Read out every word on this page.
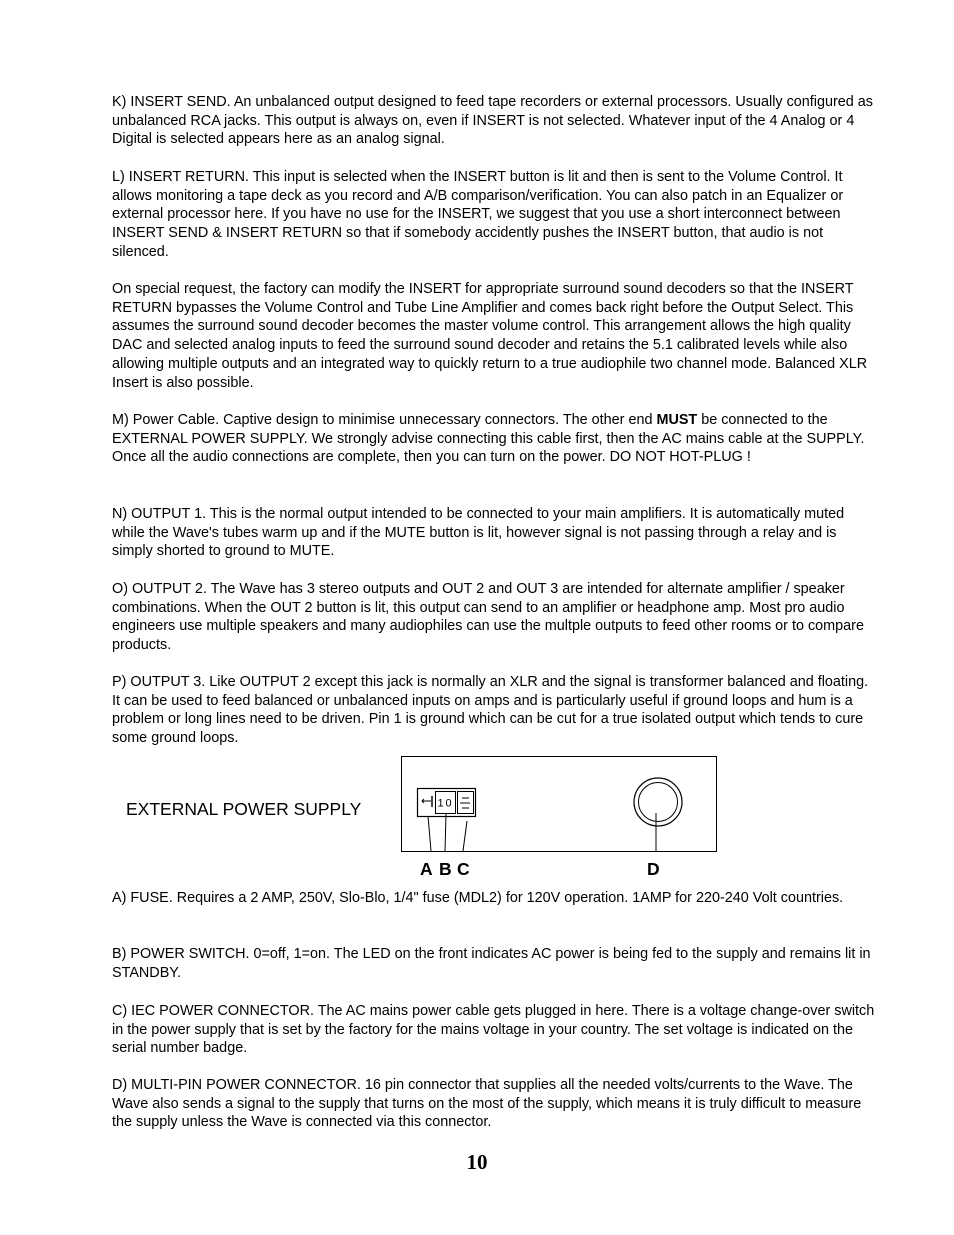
K) INSERT SEND. An unbalanced output designed to feed tape recorders or external processors. Usually configured as unbalanced RCA jacks. This output is always on, even if INSERT is not selected. Whatever input of the 4 Analog or 4 Digital is selected appears here as an analog signal.

L) INSERT RETURN. This input is selected when the INSERT button is lit and then is sent to the Volume Control. It allows monitoring a tape deck as you record and A/B comparison/verification. You can also patch in an Equalizer or external processor here. If you have no use for the INSERT, we suggest that you use a short interconnect between INSERT SEND & INSERT RETURN so that if somebody accidently pushes the INSERT button, that audio is not silenced.

On special request, the factory can modify the INSERT for appropriate surround sound decoders so that the INSERT RETURN bypasses the Volume Control and Tube Line Amplifier and comes back right before the Output Select. This assumes the surround sound decoder becomes the master volume control. This arrangement allows the high quality DAC and selected analog inputs to feed the surround sound decoder and retains the 5.1 calibrated levels while also allowing multiple outputs and an integrated way to quickly return to a true audiophile two channel mode. Balanced XLR Insert is also possible.

M) Power Cable. Captive design to minimise unnecessary connectors. The other end MUST be connected to the EXTERNAL POWER SUPPLY. We strongly advise connecting this cable first, then the AC mains cable at the SUPPLY. Once all the audio connections are complete, then you can turn on the power. DO NOT HOT-PLUG !

N) OUTPUT 1. This is the normal output intended to be connected to your main amplifiers. It is automatically muted while the Wave's tubes warm up and if the MUTE button is lit, however signal is not passing through a relay and is simply shorted to ground to MUTE.

O) OUTPUT 2. The Wave has 3 stereo outputs and OUT 2 and OUT 3 are intended for alternate amplifier / speaker combinations. When the OUT 2 button is lit, this output can send to an amplifier or headphone amp. Most pro audio engineers use multiple speakers and many audiophiles can use the multple outputs to feed other rooms or to compare products.

P) OUTPUT 3. Like OUTPUT 2 except this jack is normally an XLR and the signal is transformer balanced and floating. It can be used to feed balanced or unbalanced inputs on amps and is particularly useful if ground loops and hum is a problem or long lines need to be driven. Pin 1 is ground which can be cut for a true isolated output which tends to cure some ground loops.

EXTERNAL POWER SUPPLY	1 0
A B C	D

A) FUSE. Requires a 2 AMP, 250V, Slo-Blo, 1/4" fuse (MDL2) for 120V operation. 1AMP for 220-240 Volt countries.

B) POWER SWITCH. 0=off, 1=on. The LED on the front indicates AC power is being fed to the supply and remains lit in STANDBY.

C) IEC POWER CONNECTOR. The AC mains power cable gets plugged in here. There is a voltage change-over switch in the power supply that is set by the factory for the mains voltage in your country. The set voltage is indicated on the serial number badge.

D) MULTI-PIN POWER CONNECTOR. 16 pin connector that supplies all the needed volts/currents to the Wave. The Wave also sends a signal to the supply that turns on the most of the supply, which means it is truly difficult to measure the supply unless the Wave is connected via this connector.

10
